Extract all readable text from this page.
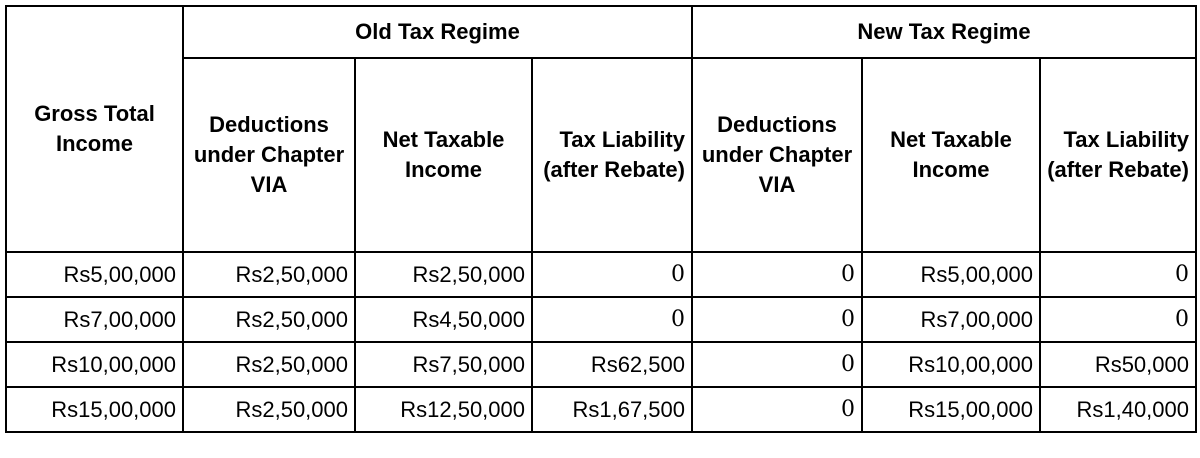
Gross Total Income	Old Tax Regime			New Tax Regime		
	Deductions under Chapter VIA	Net Taxable Income	Tax Liability (after Rebate)	Deductions under Chapter VIA	Net Taxable Income	Tax Liability (after Rebate)
Rs5,00,000	Rs2,50,000	Rs2,50,000	0	0	Rs5,00,000	0
Rs7,00,000	Rs2,50,000	Rs4,50,000	0	0	Rs7,00,000	0
Rs10,00,000	Rs2,50,000	Rs7,50,000	Rs62,500	0	Rs10,00,000	Rs50,000
Rs15,00,000	Rs2,50,000	Rs12,50,000	Rs1,67,500	0	Rs15,00,000	Rs1,40,000
